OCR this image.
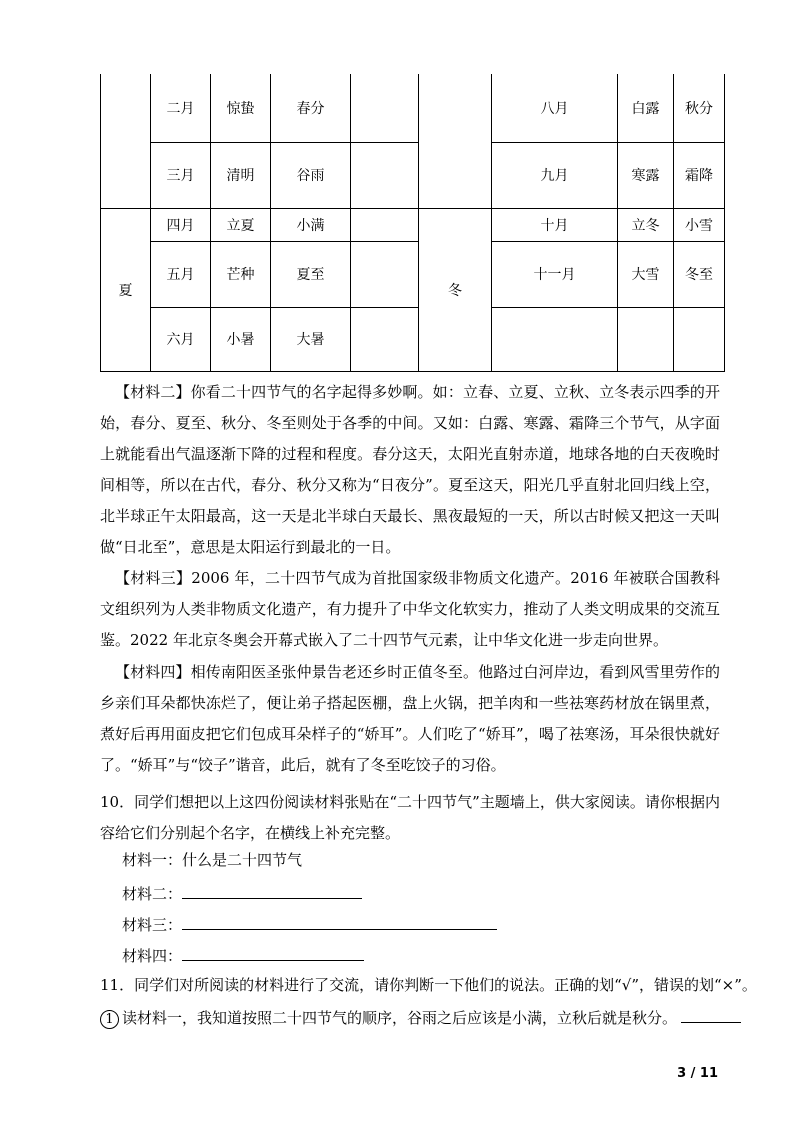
	二月	惊蛰	春分			八月	白露	秋分
	三月	清明	谷雨			九月	寒露	霜降
夏	四月	立夏	小满		冬	十月	立冬	小雪
	五月	芒种	夏至			十一月	大雪	冬至
	六月	小暑	大暑					

【材料二】你看二十四节气的名字起得多妙啊。如：立春、立夏、立秋、立冬表示四季的开始，春分、夏至、秋分、冬至则处于各季的中间。又如：白露、寒露、霜降三个节气，从字面上就能看出气温逐渐下降的过程和程度。春分这天，太阳光直射赤道，地球各地的白天夜晚时间相等，所以在古代，春分、秋分又称为“日夜分”。夏至这天，阳光几乎直射北回归线上空，北半球正午太阳最高，这一天是北半球白天最长、黑夜最短的一天，所以古时候又把这一天叫做“日北至”，意思是太阳运行到最北的一日。

【材料三】2006 年，二十四节气成为首批国家级非物质文化遗产。2016 年被联合国教科文组织列为人类非物质文化遗产，有力提升了中华文化软实力，推动了人类文明成果的交流互鉴。2022 年北京冬奥会开幕式嵌入了二十四节气元素，让中华文化进一步走向世界。

【材料四】相传南阳医圣张仲景告老还乡时正值冬至。他路过白河岸边，看到风雪里劳作的乡亲们耳朵都快冻烂了，便让弟子搭起医棚，盘上火锅，把羊肉和一些祛寒药材放在锅里煮，煮好后再用面皮把它们包成耳朵样子的“娇耳”。人们吃了“娇耳”，喝了祛寒汤，耳朵很快就好了。“娇耳”与“饺子”谐音，此后，就有了冬至吃饺子的习俗。

10．同学们想把以上这四份阅读材料张贴在“二十四节气”主题墙上，供大家阅读。请你根据内容给它们分别起个名字，在横线上补充完整。

材料一：什么是二十四节气
材料二：
材料三：
材料四：
11．同学们对所阅读的材料进行了交流，请你判断一下他们的说法。正确的划“√”，错误的划“×”。
1 读材料一，我知道按照二十四节气的顺序，谷雨之后应该是小满，立秋后就是秋分。
3 / 11
